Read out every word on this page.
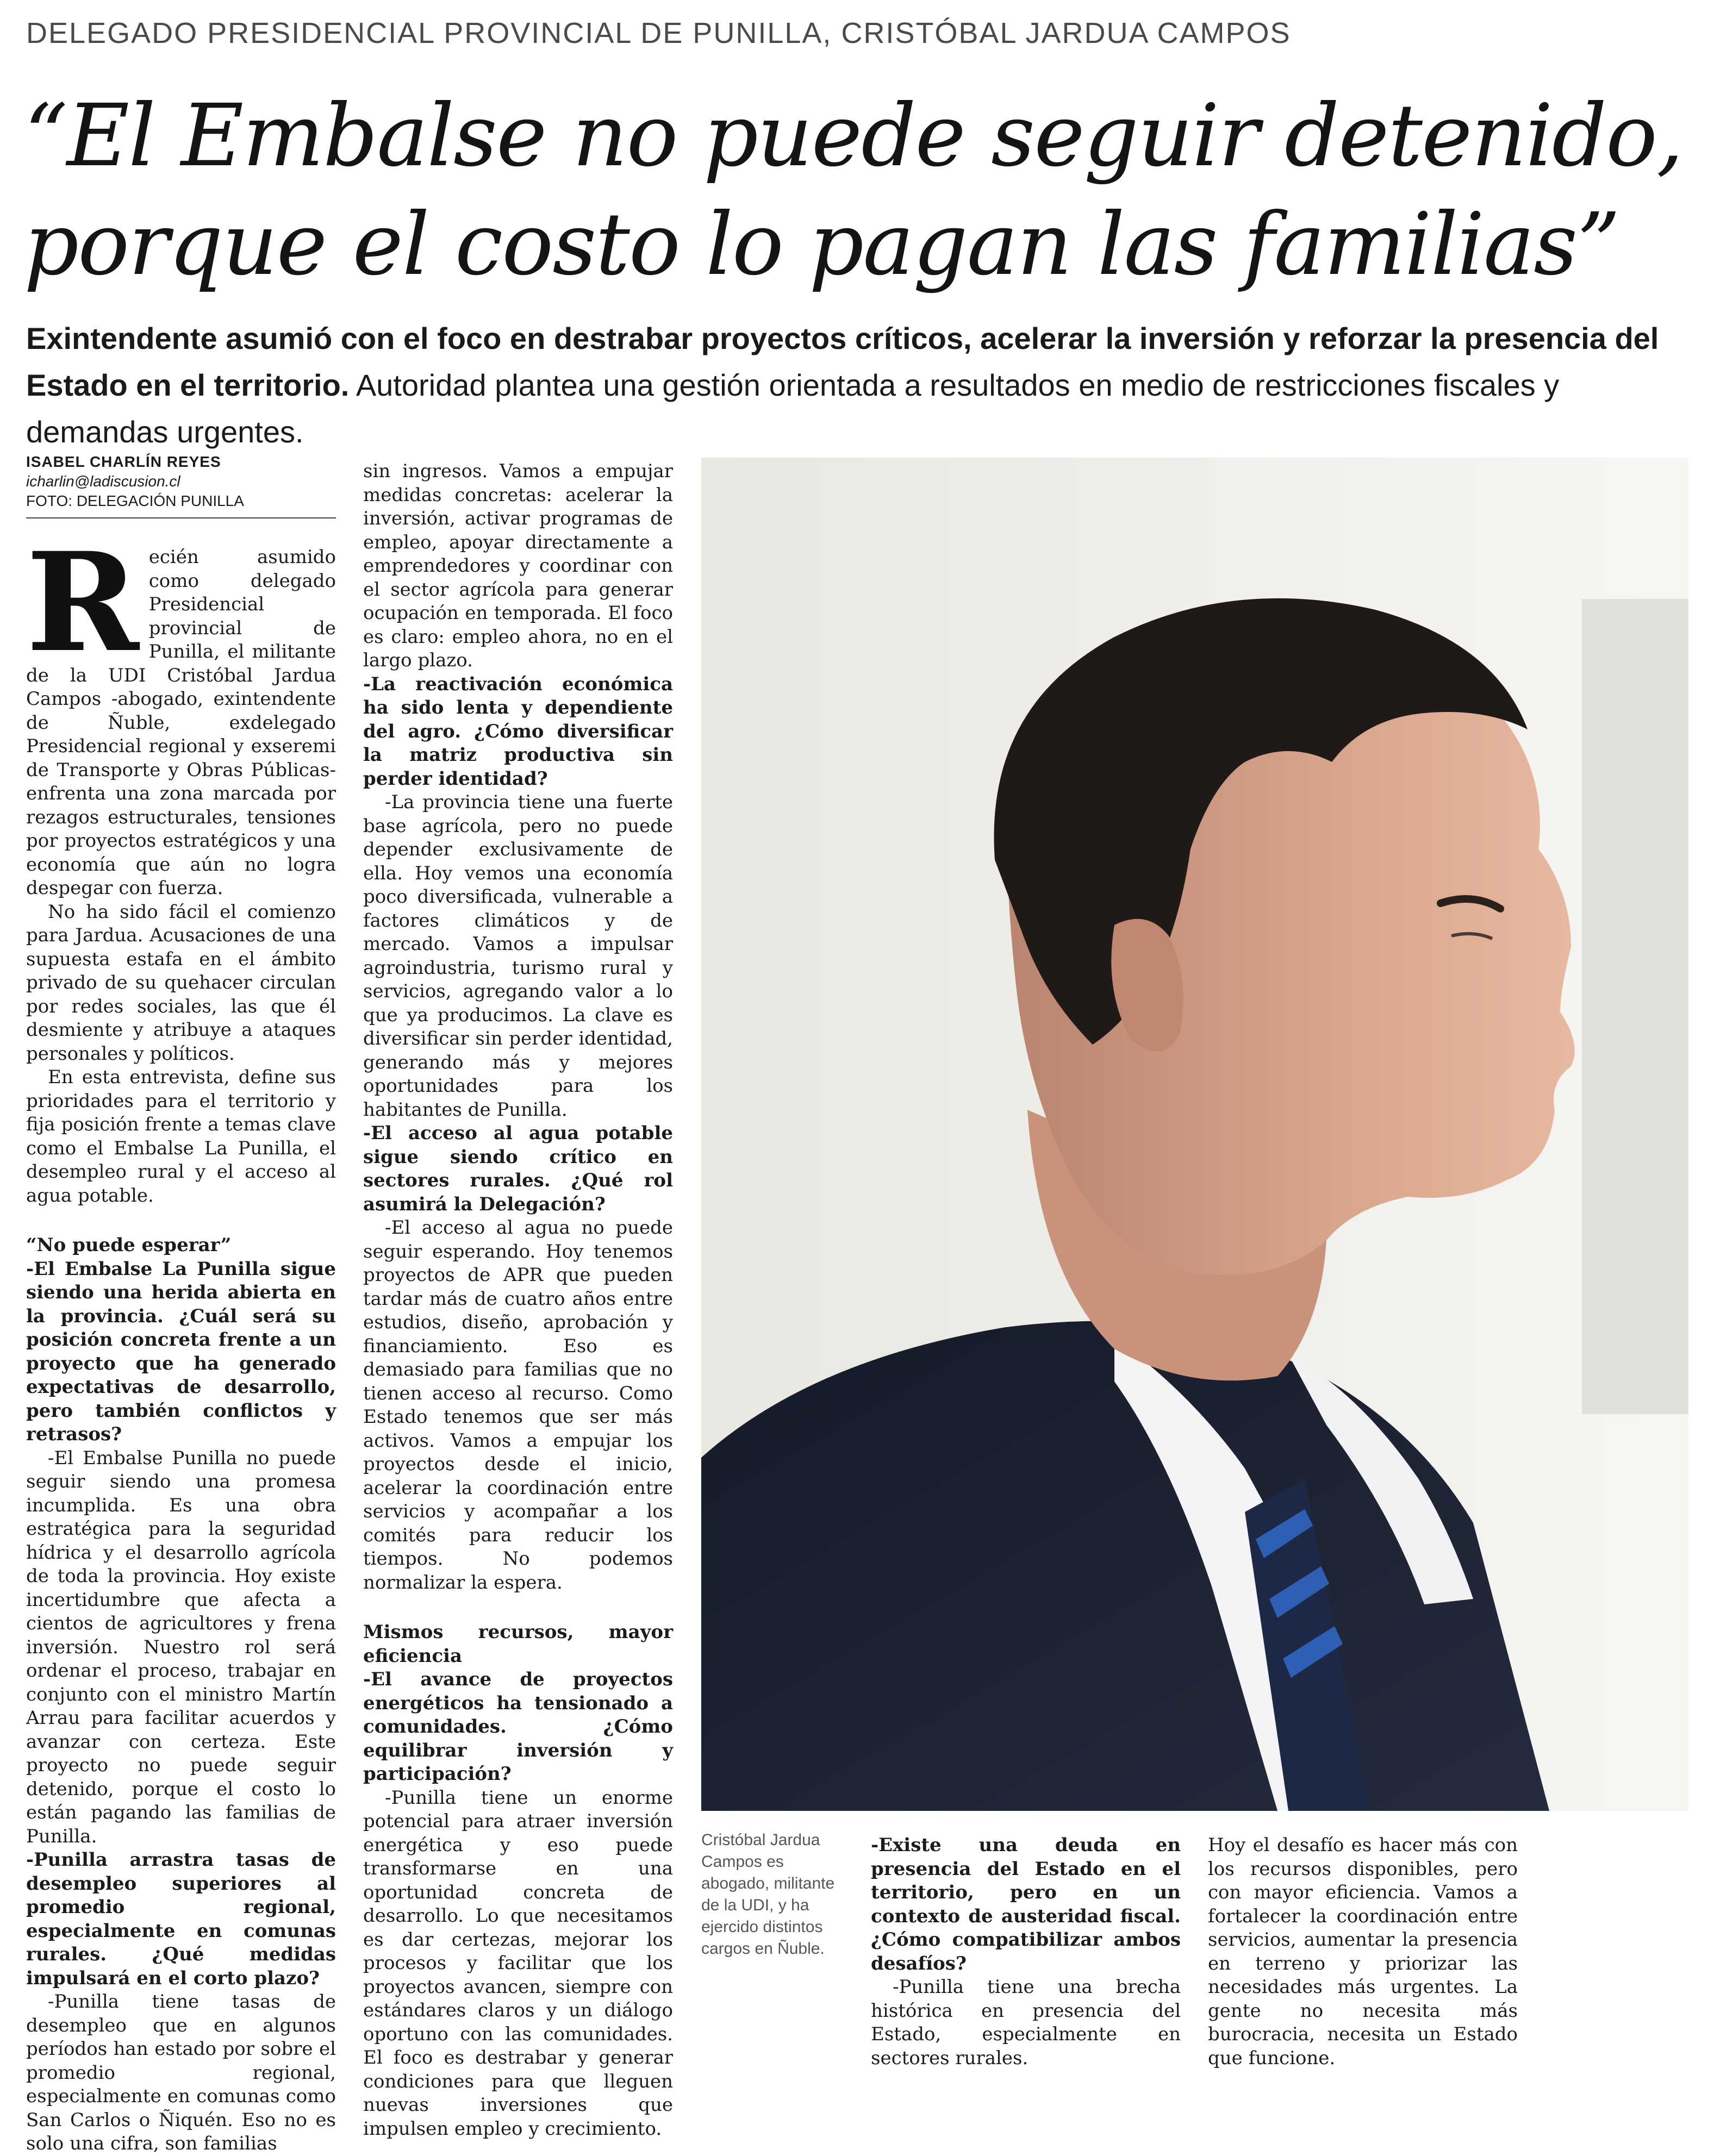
DELEGADO PRESIDENCIAL PROVINCIAL DE PUNILLA, CRISTÓBAL JARDUA CAMPOS
“El Embalse no puede seguir detenido,
porque el costo lo pagan las familias”
Exintendente asumió con el foco en destrabar proyectos críticos, acelerar la inversión y reforzar la presencia del Estado en el territorio. Autoridad plantea una gestión orientada a resultados en medio de restricciones fiscales y demandas urgentes.
ISABEL CHARLÍN REYES
icharlin@ladiscusion.cl
FOTO: DELEGACIÓN PUNILLA
R ecién asumido como delegado Presidencial provincial de Punilla, el militante de la UDI Cristóbal Jardua Campos -abogado, exintendente de Ñuble, exdelegado Presidencial regional y exseremi de Transporte y Obras Públicas- enfrenta una zona marcada por rezagos estructurales, tensiones por proyectos estratégicos y una economía que aún no logra despegar con fuerza.

No ha sido fácil el comienzo para Jardua. Acusaciones de una supuesta estafa en el ámbito privado de su quehacer circulan por redes sociales, las que él desmiente y atribuye a ataques personales y políticos.

En esta entrevista, define sus prioridades para el territorio y fija posición frente a temas clave como el Embalse La Punilla, el desempleo rural y el acceso al agua potable.

“No puede esperar”
-El Embalse La Punilla sigue siendo una herida abierta en la provincia. ¿Cuál será su posición concreta frente a un proyecto que ha generado expectativas de desarrollo, pero también conflictos y retrasos?

-El Embalse Punilla no puede seguir siendo una promesa incumplida. Es una obra estratégica para la seguridad hídrica y el desarrollo agrícola de toda la provincia. Hoy existe incertidumbre que afecta a cientos de agricultores y frena inversión. Nuestro rol será ordenar el proceso, trabajar en conjunto con el ministro Martín Arrau para facilitar acuerdos y avanzar con certeza. Este proyecto no puede seguir detenido, porque el costo lo están pagando las familias de Punilla.

-Punilla arrastra tasas de desempleo superiores al promedio regional, especialmente en comunas rurales. ¿Qué medidas impulsará en el corto plazo?

-Punilla tiene tasas de desempleo que en algunos períodos han estado por sobre el promedio regional, especialmente en comunas como San Carlos o Ñiquén. Eso no es solo una cifra, son familias

sin ingresos. Vamos a empujar medidas concretas: acelerar la inversión, activar programas de empleo, apoyar directamente a emprendedores y coordinar con el sector agrícola para generar ocupación en temporada. El foco es claro: empleo ahora, no en el largo plazo.

-La reactivación económica ha sido lenta y dependiente del agro. ¿Cómo diversificar la matriz productiva sin perder identidad?

-La provincia tiene una fuerte base agrícola, pero no puede depender exclusivamente de ella. Hoy vemos una economía poco diversificada, vulnerable a factores climáticos y de mercado. Vamos a impulsar agroindustria, turismo rural y servicios, agregando valor a lo que ya producimos. La clave es diversificar sin perder identidad, generando más y mejores oportunidades para los habitantes de Punilla.

-El acceso al agua potable sigue siendo crítico en sectores rurales. ¿Qué rol asumirá la Delegación?

-El acceso al agua no puede seguir esperando. Hoy tenemos proyectos de APR que pueden tardar más de cuatro años entre estudios, diseño, aprobación y financiamiento. Eso es demasiado para familias que no tienen acceso al recurso. Como Estado tenemos que ser más activos. Vamos a empujar los proyectos desde el inicio, acelerar la coordinación entre servicios y acompañar a los comités para reducir los tiempos. No podemos normalizar la espera.

Mismos recursos, mayor eficiencia
-El avance de proyectos energéticos ha tensionado a comunidades. ¿Cómo equilibrar inversión y participación?

-Punilla tiene un enorme potencial para atraer inversión energética y eso puede transformarse en una oportunidad concreta de desarrollo. Lo que necesitamos es dar certezas, mejorar los procesos y facilitar que los proyectos avancen, siempre con estándares claros y un diálogo oportuno con las comunidades. El foco es destrabar y generar condiciones para que lleguen nuevas inversiones que impulsen empleo y crecimiento.

Cristóbal Jardua Campos es abogado, militante de la UDI, y ha ejercido distintos cargos en Ñuble.
-Existe una deuda en presencia del Estado en el territorio, pero en un contexto de austeridad fiscal. ¿Cómo compatibilizar ambos desafíos?

-Punilla tiene una brecha histórica en presencia del Estado, especialmente en sectores rurales.

Hoy el desafío es hacer más con los recursos disponibles, pero con mayor eficiencia. Vamos a fortalecer la coordinación entre servicios, aumentar la presencia en terreno y priorizar las necesidades más urgentes. La gente no necesita más burocracia, necesita un Estado que funcione.
